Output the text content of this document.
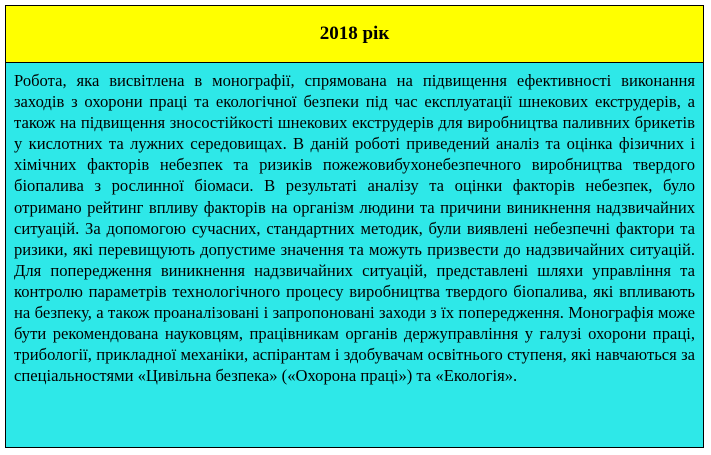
2018 рік
Робота, яка висвітлена в монографії, спрямована на підвищення ефективності виконання заходів з охорони праці та екологічної безпеки під час експлуатації шнекових екструдерів, а також на підвищення зносостійкості шнекових екструдерів для виробництва паливних брикетів у кислотних та лужних середовищах. В даній роботі приведений аналіз та оцінка фізичних і хімічних факторів небезпек та ризиків пожежовибухонебезпечного виробництва твердого біопалива з рослинної біомаси. В результаті аналізу та оцінки факторів небезпек, було отримано рейтинг впливу факторів на організм людини та причини виникнення надзвичайних ситуацій. За допомогою сучасних, стандартних методик, були виявлені небезпечні фактори та ризики, які перевищують допустиме значення та можуть призвести до надзвичайних ситуацій. Для попередження виникнення надзвичайних ситуацій, представлені шляхи управління та контролю параметрів технологічного процесу виробництва твердого біопалива, які впливають на безпеку, а також проаналізовані і запропоновані заходи з їх попередження. Монографія може бути рекомендована науковцям, працівникам органів держуправління у галузі охорони праці, трибології, прикладної механіки, аспірантам і здобувачам освітнього ступеня, які навчаються за спеціальностями «Цивільна безпека» («Охорона праці») та «Екологія».
